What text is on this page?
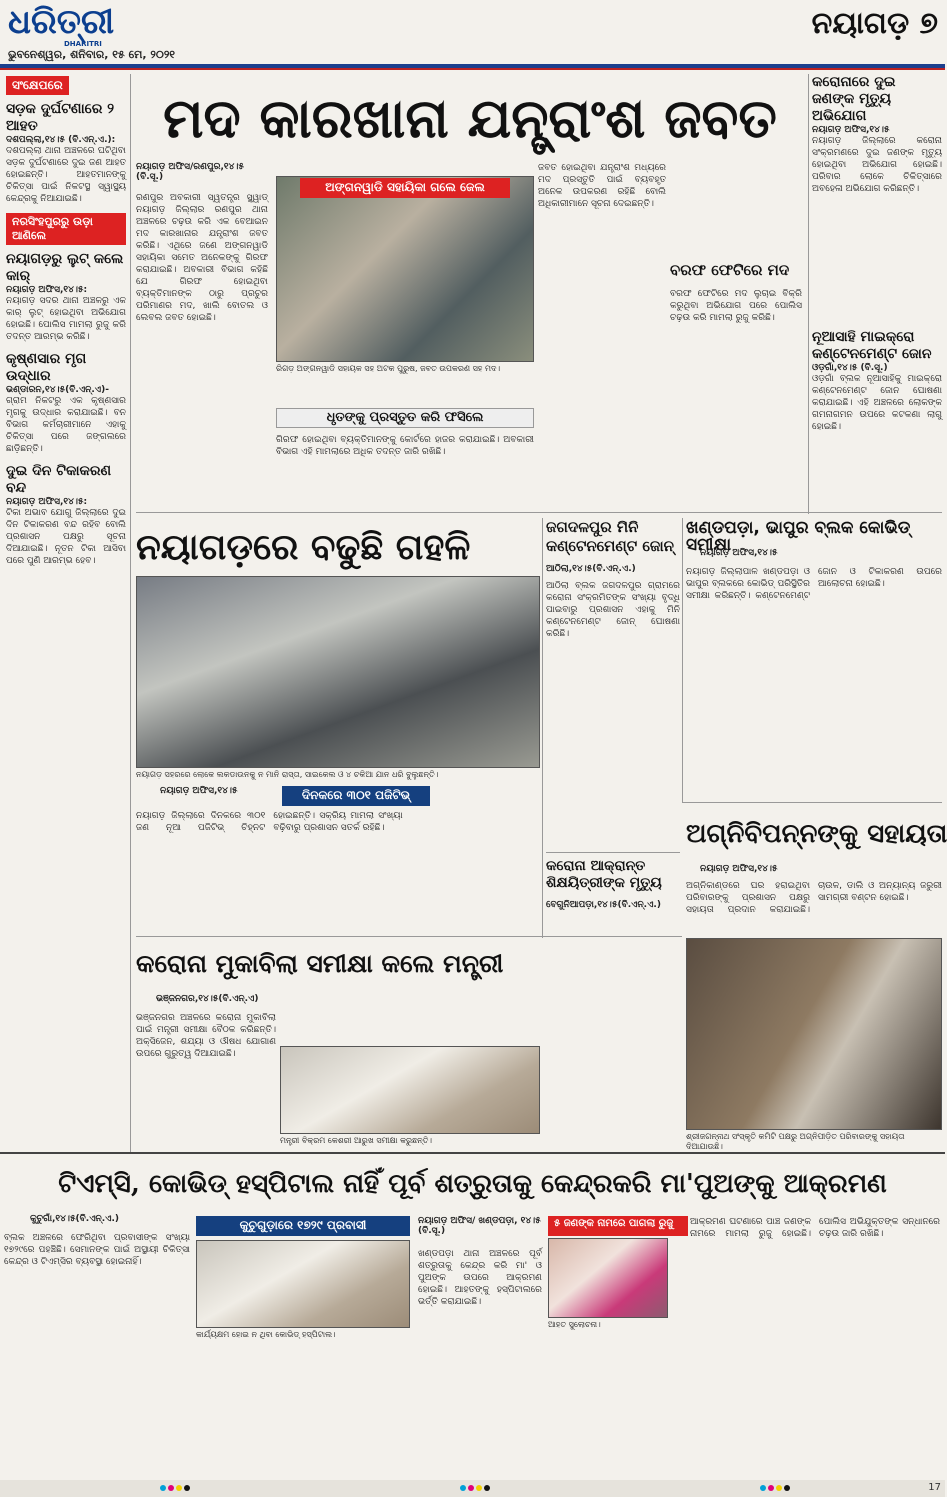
ଧରିତ୍ରୀ
DHARITRI
ଭୁବନେଶ୍ୱର, ଶନିବାର, ୧୫ ମେ, ୨୦୨୧
ନୟାଗଡ଼ ୭
ସଂକ୍ଷେପରେ
ସଡ଼କ ଦୁର୍ଘଟଣାରେ ୨ ଆହତ
ଦଶପଲ୍ଲା,୧୪।୫ (ବି.ଏନ୍.ଏ.):
ଦଶପଲ୍ଲା ଥାନା ଅଞ୍ଚଳରେ ଘଟିଥିବା ସଡ଼କ ଦୁର୍ଘଟଣାରେ ଦୁଇ ଜଣ ଆହତ ହୋଇଛନ୍ତି। ଆହତମାନଙ୍କୁ ଚିକିତ୍ସା ପାଇଁ ନିକଟସ୍ଥ ସ୍ୱାସ୍ଥ୍ୟ କେନ୍ଦ୍ରକୁ ନିଆଯାଇଛି।
ନରସିଂହପୁରରୁ ଉଡ଼ା ଆଣିଲେ
ନୟାଗଡ଼ରୁ ଲୁଟ୍ କଲେ କାର୍
ନୟାଗଡ଼ ଅଫିସ,୧୪।୫:
ନୟାଗଡ଼ ସଦର ଥାନା ଅଞ୍ଚଳରୁ ଏକ କାର୍ ଲୁଟ୍ ହୋଇଥିବା ଅଭିଯୋଗ ହୋଇଛି। ପୋଲିସ ମାମଲା ରୁଜୁ କରି ତଦନ୍ତ ଆରମ୍ଭ କରିଛି।
କୃଷ୍ଣସାର ମୃଗ ଉଦ୍ଧାର
ଭଣ୍ଡାରନ,୧୪।୫(ବି.ଏନ୍.ଏ)-
ଗ୍ରାମ ନିକଟରୁ ଏକ କୃଷ୍ଣସାର ମୃଗକୁ ଉଦ୍ଧାର କରାଯାଇଛି। ବନ ବିଭାଗ କର୍ମଚାରୀମାନେ ଏହାକୁ ଚିକିତ୍ସା ପରେ ଜଙ୍ଗଲରେ ଛାଡ଼ିଛନ୍ତି।
ଦୁଇ ଦିନ ଟିକାକରଣ ବନ୍ଦ
ନୟାଗଡ଼ ଅଫିସ,୧୪।୫:
ଟିକା ଅଭାବ ଯୋଗୁ ଜିଲ୍ଲାରେ ଦୁଇ ଦିନ ଟିକାକରଣ ବନ୍ଦ ରହିବ ବୋଲି ପ୍ରଶାସନ ପକ୍ଷରୁ ସୂଚନା ଦିଆଯାଇଛି। ନୂତନ ଟିକା ଆସିବା ପରେ ପୁଣି ଆରମ୍ଭ ହେବ।
ମଦ କାରଖାନା ଯନ୍ତ୍ରାଂଶ ଜବତ
ନୟାଗଡ଼ ଅଫିସ/ରଣପୁର,୧୪।୫ (ବି.ସୂ.)
ଅଙ୍ଗନୱାଡି ସହାୟିକା ଗଲେ ଜେଲ
ରିଗଡ଼ ଅଙ୍ଗନୱାଡି ସହାୟକ ସହ ଅଟକ ପୁରୁଷ, ଜବତ ଉପକରଣ ସହ ମଦ।
ରଣପୁର ଅବକାରୀ ସ୍ୱତନ୍ତ୍ର ସ୍କ୍ୱାଡ୍ ନୟାଗଡ଼ ଜିଲ୍ଲାର ରଣପୁର ଥାନା ଅଞ୍ଚଳରେ ଚଢ଼ଉ କରି ଏକ ବେଆଇନ ମଦ କାରଖାନାର ଯନ୍ତ୍ରାଂଶ ଜବତ କରିଛି। ଏଥିରେ ଜଣେ ଅଙ୍ଗନୱାଡି ସହାୟିକା ସମେତ ଅନେକଙ୍କୁ ଗିରଫ କରାଯାଇଛି। ଅବକାରୀ ବିଭାଗ କହିଛି ଯେ ଗିରଫ ହୋଇଥିବା ବ୍ୟକ୍ତିମାନଙ୍କ ଠାରୁ ପ୍ରଚୁର ପରିମାଣର ମଦ, ଖାଲି ବୋତଲ ଓ ଲେବଲ ଜବତ ହୋଇଛି।
ଧୃତଙ୍କୁ ପ୍ରସ୍ତୁତ କରି ଫସିଲେ
ଗିରଫ ହୋଇଥିବା ବ୍ୟକ୍ତିମାନଙ୍କୁ କୋର୍ଟରେ ହାଜର କରାଯାଇଛି। ଅବକାରୀ ବିଭାଗ ଏହି ମାମଲାରେ ଅଧିକ ତଦନ୍ତ ଜାରି ରଖିଛି।
ଜବତ ହୋଇଥିବା ଯନ୍ତ୍ରାଂଶ ମଧ୍ୟରେ ମଦ ପ୍ରସ୍ତୁତି ପାଇଁ ବ୍ୟବହୃତ ଅନେକ ଉପକରଣ ରହିଛି ବୋଲି ଅଧିକାରୀମାନେ ସୂଚନା ଦେଇଛନ୍ତି।
ବରଫ ଫେଟିରେ ମଦ
ବରଫ ଫେଟିରେ ମଦ ଲୁଚାଇ ବିକ୍ରି କରୁଥିବା ଅଭିଯୋଗ ପରେ ପୋଲିସ ଚଢ଼ଉ କରି ମାମଲା ରୁଜୁ କରିଛି।
କରୋନାରେ ଦୁଇ ଜଣଙ୍କ ମୃତ୍ୟୁ ଅଭିଯୋଗ
ନୟାଗଡ଼ ଅଫିସ,୧୪।୫
ନୟାଗଡ଼ ଜିଲ୍ଲାରେ କରୋନା ସଂକ୍ରମଣରେ ଦୁଇ ଜଣଙ୍କ ମୃତ୍ୟୁ ହୋଇଥିବା ଅଭିଯୋଗ ହୋଇଛି। ପରିବାର ଲୋକେ ଚିକିତ୍ସାରେ ଅବହେଳା ଅଭିଯୋଗ କରିଛନ୍ତି।
ନୂଆସାହି ମାଇକ୍ରୋ କଣ୍ଟେନମେଣ୍ଟ ଜୋନ
ଓଡ଼ଗାଁ,୧୪।୫ (ବି.ସୂ.)
ଓଡ଼ଗାଁ ବ୍ଲକ ନୂଆସାହିକୁ ମାଇକ୍ରୋ କଣ୍ଟେନମେଣ୍ଟ ଜୋନ ଘୋଷଣା କରାଯାଇଛି। ଏହି ଅଞ୍ଚଳରେ ଲୋକଙ୍କ ଗମନାଗମନ ଉପରେ କଟକଣା ଲାଗୁ ହୋଇଛି।
ନୟାଗଡ଼ରେ ବଢୁଛି ଗହଳି
ନୟାଗଡ଼ ସହରରେ ଲୋକେ ଲକଡାଉନକୁ ନ ମାନି ରାସ୍ତା, ସାଇକେଲ ଓ ୪ ଚକିଆ ଯାନ ଧରି ବୁଲୁଛନ୍ତି।
ନୟାଗଡ଼ ଅଫିସ,୧୪।୫	ଦିନକରେ ୩୦୧ ପଜିଟିଭ୍
ନୟାଗଡ଼ ଜିଲ୍ଲାରେ ଦିନକରେ ୩୦୧ ଜଣ ନୂଆ ପଜିଟିଭ୍ ଚିହ୍ନଟ ହୋଇଛନ୍ତି। ସକ୍ରିୟ ମାମଲା ସଂଖ୍ୟା ବଢ଼ିବାରୁ ପ୍ରଶାସନ ସତର୍କ ରହିଛି।
ଜଗଦଳପୁର ମିନି କଣ୍ଟେନମେଣ୍ଟ ଜୋନ୍
ଆଠିଲା,୧୪।୫(ବି.ଏନ୍.ଏ.)
ଆଠିଲା ବ୍ଲକ ଜଗଦଳପୁର ଗ୍ରାମରେ କରୋନା ସଂକ୍ରମିତଙ୍କ ସଂଖ୍ୟା ବୃଦ୍ଧି ପାଇବାରୁ ପ୍ରଶାସନ ଏହାକୁ ମିନି କଣ୍ଟେନମେଣ୍ଟ ଜୋନ୍ ଘୋଷଣା କରିଛି।
ଖଣ୍ଡପଡ଼ା, ଭାପୁର ବ୍ଲକ କୋଭିଡ୍ ସମୀକ୍ଷା
ନୟାଗଡ଼ ଅଫିସ,୧୪।୫
ନୟାଗଡ଼ ଜିଲ୍ଲାପାଳ ଖଣ୍ଡପଡ଼ା ଓ ଭାପୁର ବ୍ଲକରେ କୋଭିଡ୍ ପରିସ୍ଥିତିର ସମୀକ୍ଷା କରିଛନ୍ତି। କଣ୍ଟେନମେଣ୍ଟ ଜୋନ ଓ ଟିକାକରଣ ଉପରେ ଆଲୋଚନା ହୋଇଛି।
କରୋନା ଆକ୍ରାନ୍ତ ଶିକ୍ଷୟିତ୍ରୀଙ୍କ ମୃତ୍ୟୁ
ବେଗୁନିଆପଡ଼ା,୧୪।୫(ବି.ଏନ୍.ଏ.)
ଅଗ୍ନିବିପନ୍ନଙ୍କୁ ସହାୟତା
ନୟାଗଡ଼ ଅଫିସ,୧୪।୫
ଅଗ୍ନିକାଣ୍ଡରେ ଘର ହରାଇଥିବା ପରିବାରଙ୍କୁ ପ୍ରଶାସନ ପକ୍ଷରୁ ସହାୟତା ପ୍ରଦାନ କରାଯାଇଛି। ଚାଉଳ, ଡାଲି ଓ ଅନ୍ୟାନ୍ୟ ଜରୁରୀ ସାମଗ୍ରୀ ବଣ୍ଟନ ହୋଇଛି।
ଶ୍ରୀଜଗନ୍ନାଥ ସଂସ୍କୃତି କମିଟି ପକ୍ଷରୁ ଅଗ୍ନିପୀଡ଼ିତ ପରିବାରଙ୍କୁ ସହାୟତା ଦିଆଯାଉଛି।
କରୋନା ମୁକାବିଲା ସମୀକ୍ଷା କଲେ ମନ୍ତ୍ରୀ
ଭଞ୍ଜନଗର,୧୪।୫(ବି.ଏନ୍.ଏ)
ଭଞ୍ଜନଗର ଅଞ୍ଚଳରେ କରୋନା ମୁକାବିଲା ପାଇଁ ମନ୍ତ୍ରୀ ସମୀକ୍ଷା ବୈଠକ କରିଛନ୍ତି। ଅକ୍ସିଜେନ, ଶଯ୍ୟା ଓ ଔଷଧ ଯୋଗାଣ ଉପରେ ଗୁରୁତ୍ୱ ଦିଆଯାଇଛି।
ମନ୍ତ୍ରୀ ବିକ୍ରମ କେଶରୀ ଆରୁଖ ସମୀକ୍ଷା କରୁଛନ୍ତି।
ଟିଏମ୍‌ସି, କୋଭିଡ୍ ହସ୍ପିଟାଲ ନାହିଁ ପୂର୍ବ ଶତ୍ରୁତାକୁ କେନ୍ଦ୍ରକରି ମା'ପୁଅଙ୍କୁ ଆକ୍ରମଣ
କୁଚୁଗାଁ,୧୪।୫(ବି.ଏନ୍.ଏ.)	କୁଚୁଗୁଡ଼ାରେ ୧୭୨୯ ପ୍ରବାସୀ
ବ୍ଲକ ଅଞ୍ଚଳରେ ଫେରିଥିବା ପ୍ରବାସୀଙ୍କ ସଂଖ୍ୟା ୧୭୨୯ରେ ପହଞ୍ଚିଛି। ସେମାନଙ୍କ ପାଇଁ ଅସ୍ଥାୟୀ ଚିକିତ୍ସା କେନ୍ଦ୍ର ଓ ଟିଏମ୍‌ସିର ବ୍ୟବସ୍ଥା ହୋଇନାହିଁ।
କାର୍ଯ୍ୟକ୍ଷମ ହୋଇ ନ ଥିବା କୋଭିଡ୍ ହସ୍ପିଟାଲ।
ନୟାଗଡ଼ ଅଫିସ/ ଖଣ୍ଡପଡ଼ା, ୧୪।୫ (ବି.ସୂ.)
ଖଣ୍ଡପଡ଼ା ଥାନା ଅଞ୍ଚଳରେ ପୂର୍ବ ଶତ୍ରୁତାକୁ କେନ୍ଦ୍ର କରି ମା' ଓ ପୁଅଙ୍କ ଉପରେ ଆକ୍ରମଣ ହୋଇଛି। ଆହତଙ୍କୁ ହସ୍ପିଟାଲରେ ଭର୍ତ୍ତି କରାଯାଇଛି।
୫ ଜଣଙ୍କ ନାମରେ ପାଗଲା ରୁଜୁ
ଆହତ ସୁଲୋଚନା।
ଆକ୍ରମଣ ଘଟଣାରେ ପାଞ୍ଚ ଜଣଙ୍କ ନାମରେ ମାମଲା ରୁଜୁ ହୋଇଛି। ପୋଲିସ ଅଭିଯୁକ୍ତଙ୍କ ସନ୍ଧାନରେ ଚଢ଼ଉ ଜାରି ରଖିଛି।
17
